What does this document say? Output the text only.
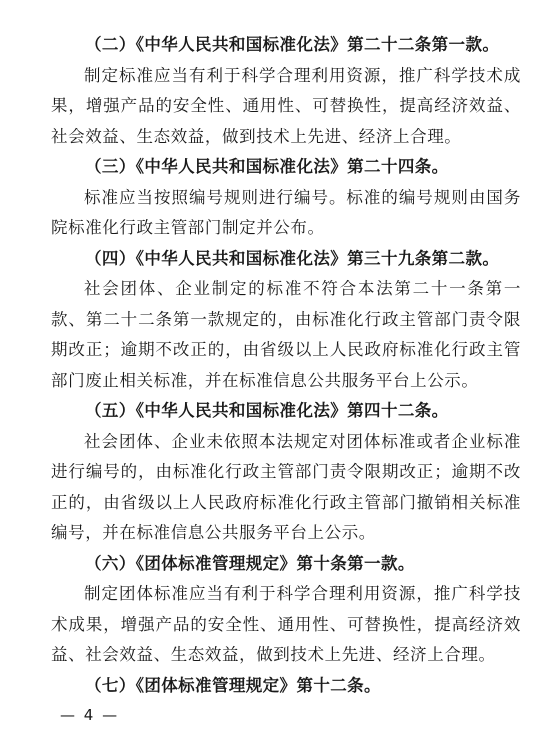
（二）《中华人民共和国标准化法》第二十二条第一款。

制定标准应当有利于科学合理利用资源，推广科学技术成果，增强产品的安全性、通用性、可替换性，提高经济效益、社会效益、生态效益，做到技术上先进、经济上合理。

（三）《中华人民共和国标准化法》第二十四条。

标准应当按照编号规则进行编号。标准的编号规则由国务院标准化行政主管部门制定并公布。

（四）《中华人民共和国标准化法》第三十九条第二款。

社会团体、企业制定的标准不符合本法第二十一条第一款、第二十二条第一款规定的，由标准化行政主管部门责令限期改正；逾期不改正的，由省级以上人民政府标准化行政主管部门废止相关标准，并在标准信息公共服务平台上公示。

（五）《中华人民共和国标准化法》第四十二条。

社会团体、企业未依照本法规定对团体标准或者企业标准进行编号的，由标准化行政主管部门责令限期改正；逾期不改正的，由省级以上人民政府标准化行政主管部门撤销相关标准编号，并在标准信息公共服务平台上公示。

（六）《团体标准管理规定》第十条第一款。

制定团体标准应当有利于科学合理利用资源，推广科学技术成果，增强产品的安全性、通用性、可替换性，提高经济效益、社会效益、生态效益，做到技术上先进、经济上合理。

（七）《团体标准管理规定》第十二条。

— 4 —
